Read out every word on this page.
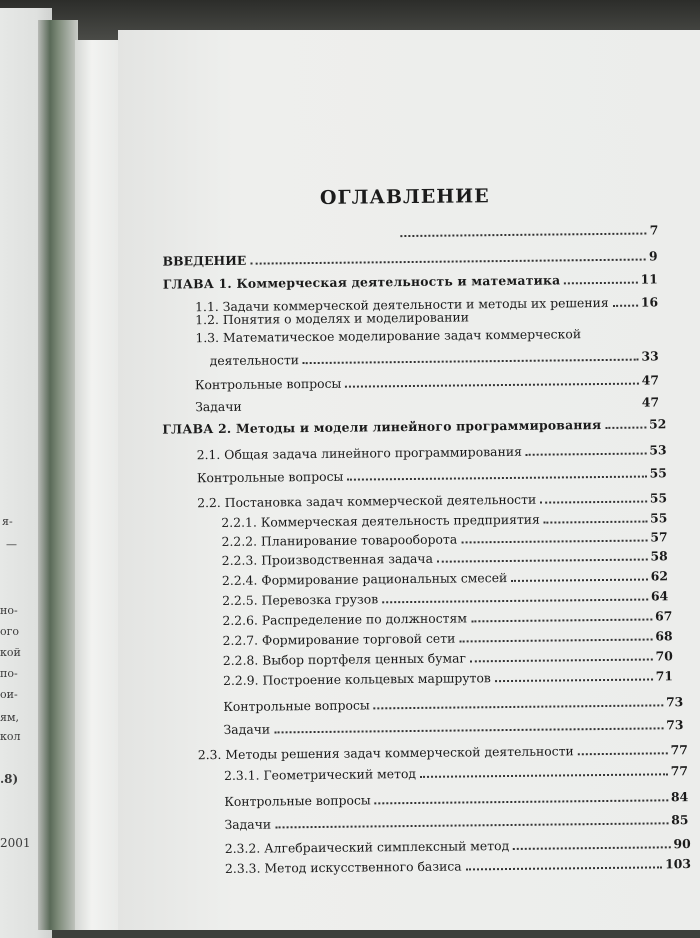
я-
—
но-
ого
кой
по-
ои-
ям,
кол
.8)
2001
ОГЛАВЛЕНИЕ
7
ВВЕДЕНИЕ	9
ГЛАВА 1. Коммерческая деятельность и математика	11
1.1. Задачи коммерческой деятельности и методы их решения	16
1.2. Понятия о моделях и моделировании
1.3. Математическое моделирование задач коммерческой
деятельности	33
Контрольные вопросы	47
Задачи	47
ГЛАВА 2. Методы и модели линейного программирования	52
2.1. Общая задача линейного программирования	53
Контрольные вопросы	55
2.2. Постановка задач коммерческой деятельности	55
2.2.1. Коммерческая деятельность предприятия	55
2.2.2. Планирование товарооборота	57
2.2.3. Производственная задача	58
2.2.4. Формирование рациональных смесей	62
2.2.5. Перевозка грузов	64
2.2.6. Распределение по должностям	67
2.2.7. Формирование торговой сети	68
2.2.8. Выбор портфеля ценных бумаг	70
2.2.9. Построение кольцевых маршрутов	71
Контрольные вопросы	73
Задачи	73
2.3. Методы решения задач коммерческой деятельности	77
2.3.1. Геометрический метод	77
Контрольные вопросы	84
Задачи	85
2.3.2. Алгебраический симплексный метод	90
2.3.3. Метод искусственного базиса	103
